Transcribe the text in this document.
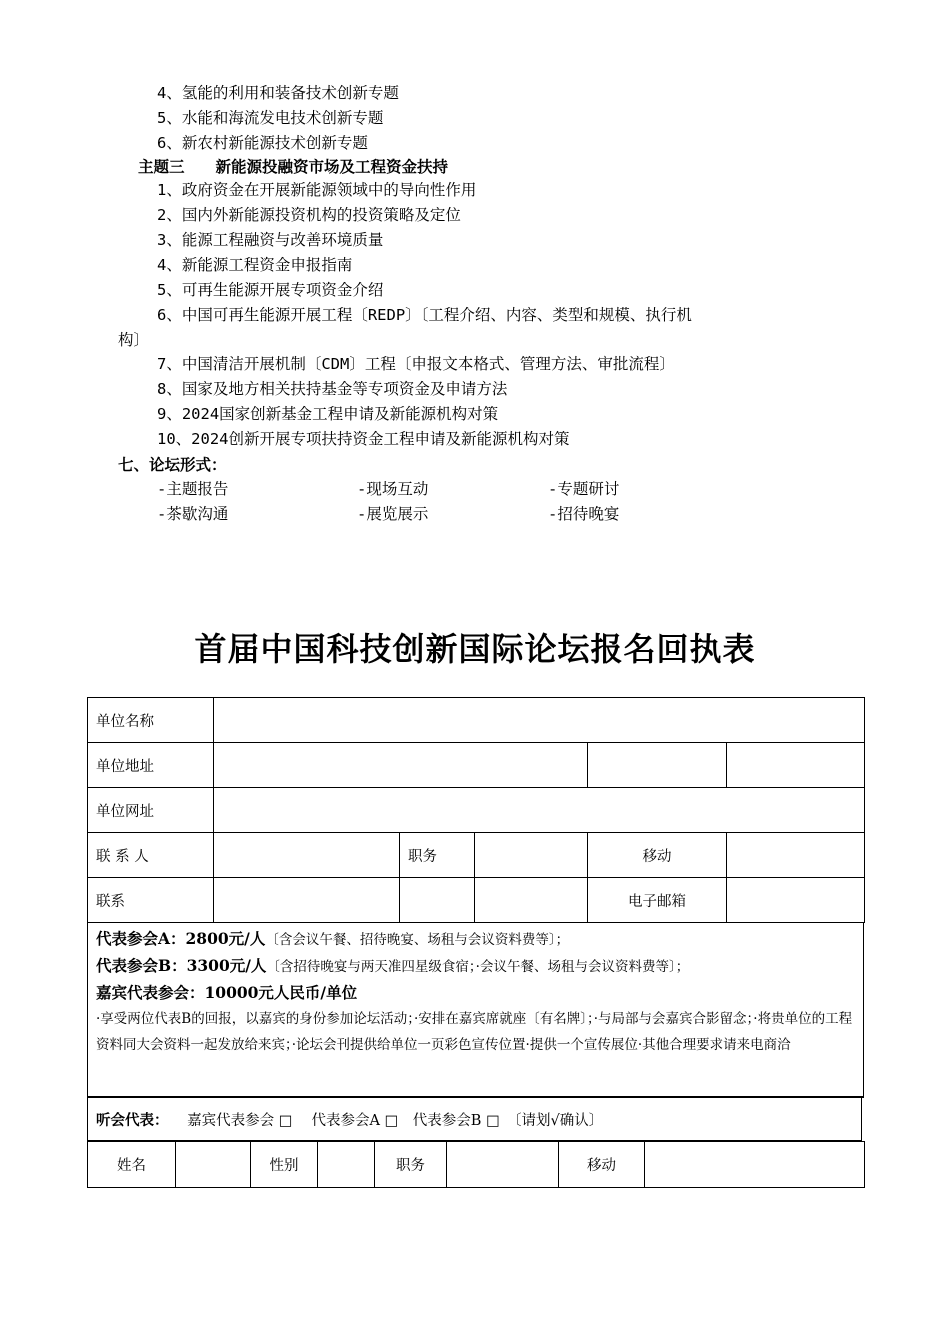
4、氢能的利用和装备技术创新专题
5、水能和海流发电技术创新专题
6、新农村新能源技术创新专题
主题三　　新能源投融资市场及工程资金扶持
1、政府资金在开展新能源领域中的导向性作用
2、国内外新能源投资机构的投资策略及定位
3、能源工程融资与改善环境质量
4、新能源工程资金申报指南
5、可再生能源开展专项资金介绍
6、中国可再生能源开展工程〔REDP〕〔工程介绍、内容、类型和规模、执行机
构〕
7、中国清洁开展机制〔CDM〕工程〔申报文本格式、管理方法、审批流程〕
8、国家及地方相关扶持基金等专项资金及申请方法
9、2024国家创新基金工程申请及新能源机构对策
10、2024创新开展专项扶持资金工程申请及新能源机构对策
七、论坛形式：
-主题报告	-现场互动	-专题研讨
-茶歇沟通	-展览展示	-招待晚宴
首届中国科技创新国际论坛报名回执表
单位名称					
单位地址					
单位网址					
联 系 人		职务		移动	
联系				电子邮箱	
代表参会A：2800元/人〔含会议午餐、招待晚宴、场租与会议资料费等〕；
代表参会B：3300元/人〔含招待晚宴与两天准四星级食宿；·会议午餐、场租与会议资料费等〕；
嘉宾代表参会：10000元人民币/单位
·享受两位代表B的回报，以嘉宾的身份参加论坛活动；·安排在嘉宾席就座〔有名牌〕；·与局部与会嘉宾合影留念；·将贵单位的工程资料同大会资料一起发放给来宾；·论坛会刊提供给单位一页彩色宣传位置·提供一个宣传展位·其他合理要求请来电商洽
听会代表： 嘉宾代表参会 □　 代表参会A □　代表参会B □　〔请划√确认〕
姓名		性别		职务		移动	
